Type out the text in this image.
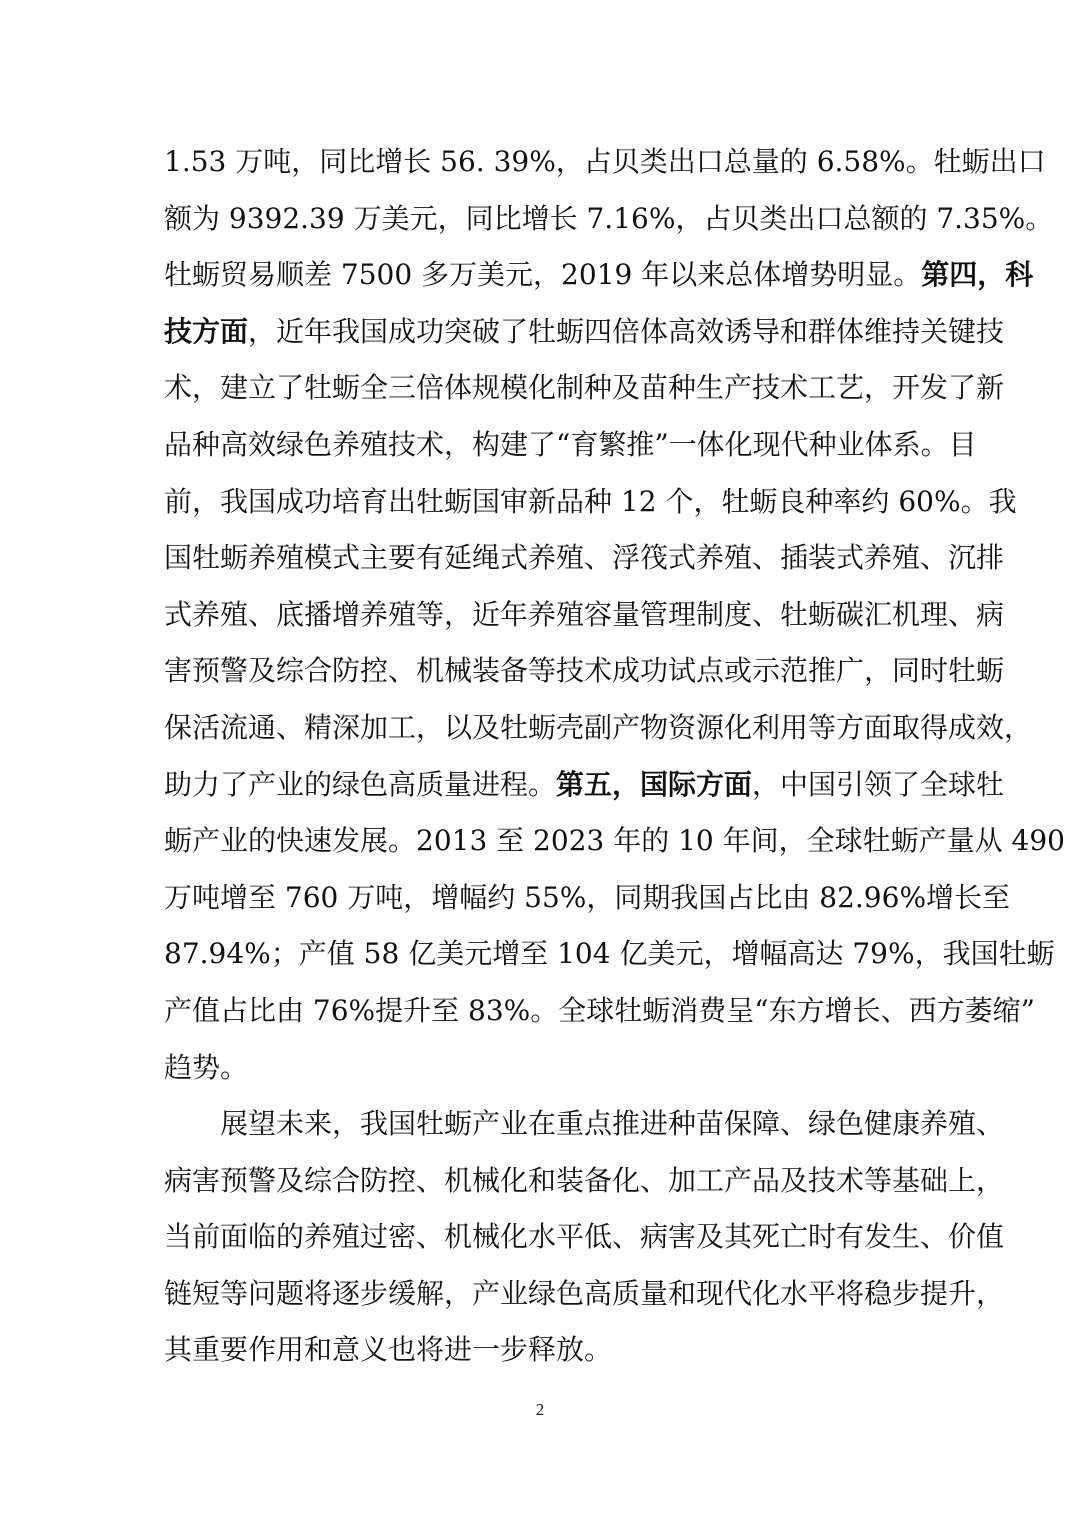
1.53 万吨，同比增长 56. 39%，占贝类出口总量的 6.58%。牡蛎出口
额为 9392.39 万美元，同比增长 7.16%，占贝类出口总额的 7.35%。
牡蛎贸易顺差 7500 多万美元，2019 年以来总体增势明显。第四，科
技方面，近年我国成功突破了牡蛎四倍体高效诱导和群体维持关键技
术，建立了牡蛎全三倍体规模化制种及苗种生产技术工艺，开发了新
品种高效绿色养殖技术，构建了“育繁推”一体化现代种业体系。目
前，我国成功培育出牡蛎国审新品种 12 个，牡蛎良种率约 60%。我
国牡蛎养殖模式主要有延绳式养殖、浮筏式养殖、插装式养殖、沉排
式养殖、底播增养殖等，近年养殖容量管理制度、牡蛎碳汇机理、病
害预警及综合防控、机械装备等技术成功试点或示范推广，同时牡蛎
保活流通、精深加工，以及牡蛎壳副产物资源化利用等方面取得成效，
助力了产业的绿色高质量进程。第五，国际方面，中国引领了全球牡
蛎产业的快速发展。2013 至 2023 年的 10 年间，全球牡蛎产量从 490
万吨增至 760 万吨，增幅约 55%，同期我国占比由 82.96%增长至
87.94%；产值 58 亿美元增至 104 亿美元，增幅高达 79%，我国牡蛎
产值占比由 76%提升至 83%。全球牡蛎消费呈“东方增长、西方萎缩”
趋势。
展望未来，我国牡蛎产业在重点推进种苗保障、绿色健康养殖、
病害预警及综合防控、机械化和装备化、加工产品及技术等基础上，
当前面临的养殖过密、机械化水平低、病害及其死亡时有发生、价值
链短等问题将逐步缓解，产业绿色高质量和现代化水平将稳步提升，
其重要作用和意义也将进一步释放。
2
